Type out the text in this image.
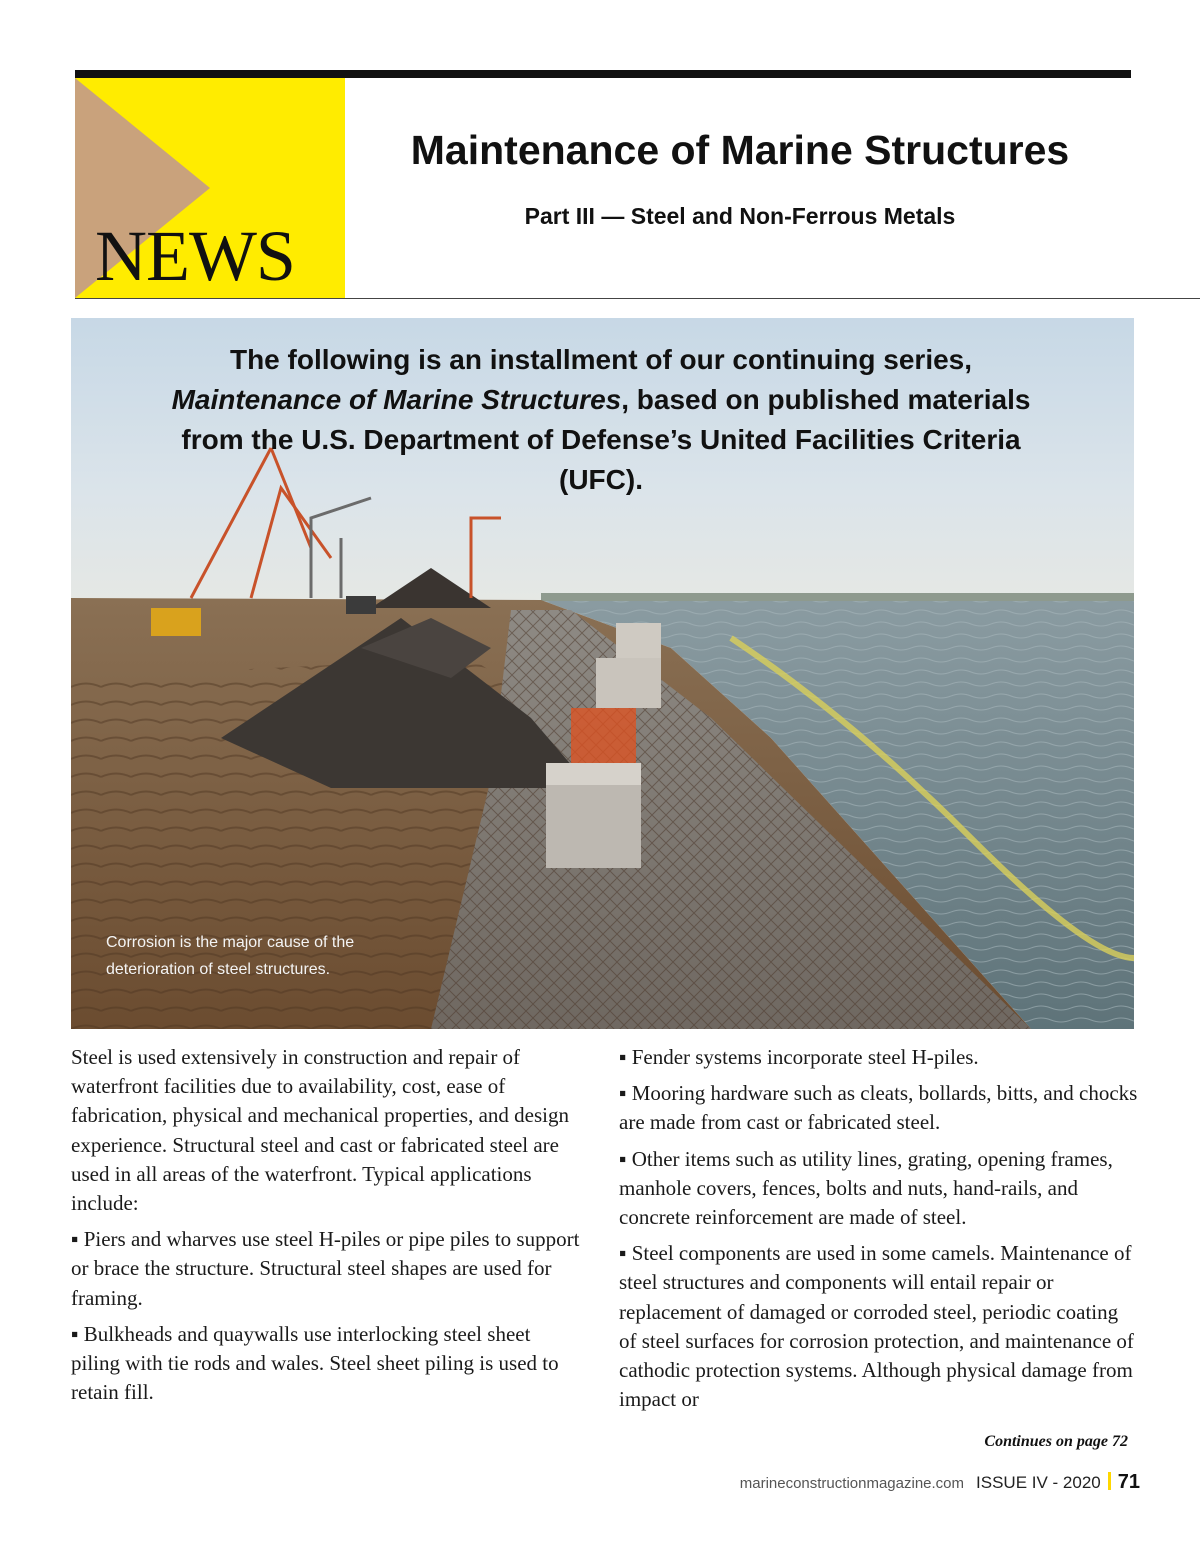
NEWS

Maintenance of Marine Structures

Part III — Steel and Non-Ferrous Metals

The following is an installment of our continuing series, Maintenance of Marine Structures, based on published materials from the U.S. Department of Defense’s United Facilities Criteria (UFC).

Corrosion is the major cause of the deterioration of steel structures.

Steel is used extensively in construction and repair of waterfront facilities due to availability, cost, ease of fabrication, physical and mechanical properties, and design experience. Structural steel and cast or fabricated steel are used in all areas of the waterfront. Typical applications include:

▪ Piers and wharves use steel H-piles or pipe piles to support or brace the structure. Structural steel shapes are used for framing.

▪ Bulkheads and quaywalls use interlocking steel sheet piling with tie rods and wales. Steel sheet piling is used to retain fill.

▪ Fender systems incorporate steel H-piles.

▪ Mooring hardware such as cleats, bollards, bitts, and chocks are made from cast or fabricated steel.

▪ Other items such as utility lines, grating, opening frames, manhole covers, fences, bolts and nuts, hand-rails, and concrete reinforcement are made of steel.

▪ Steel components are used in some camels. Maintenance of steel structures and components will entail repair or replacement of damaged or corroded steel, periodic coating of steel surfaces for corrosion protection, and maintenance of cathodic protection systems. Although physical damage from impact or

Continues on page 72

marineconstructionmagazine.com ISSUE IV - 2020 71
